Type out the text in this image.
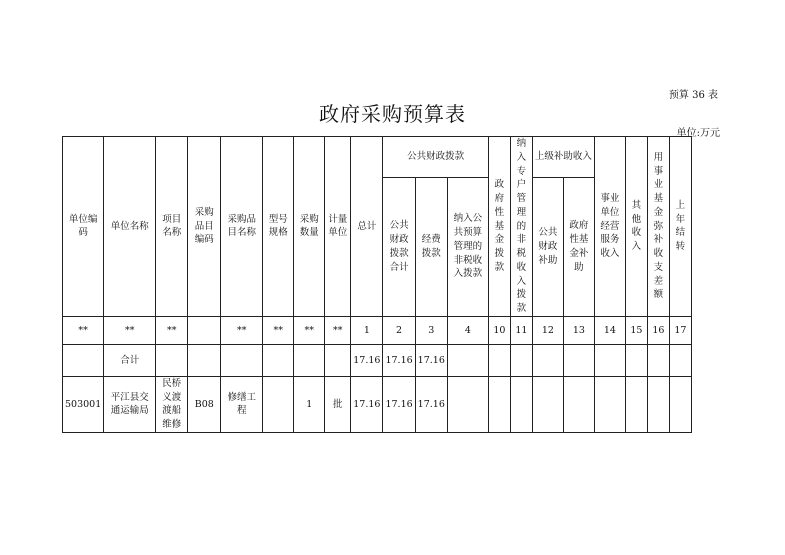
预算 36 表
政府采购预算表
单位:万元
单位编码	单位名称	项目名称	采购品目编码	采购品目名称	型号规格	采购数量	计量单位	总计	公共财政拨款			政府性基金拨款	纳入专户管理的非税收入拨款	上级补助收入		事业单位经营服务收入	其他收入	用事业基金弥补收支差额	上年结转
									公共财政拨款合计	经费拨款	纳入公共预算管理的非税收入拨款			公共财政补助	政府性基金补助				
**	**	**		**	**	**	**	1	2	3	4	10	11	12	13	14	15	16	17
	合计							17.16	17.16	17.16									
503001	平江县交通运输局	民桥义渡渡船维修	B08	修缮工程		1	批	17.16	17.16	17.16									
